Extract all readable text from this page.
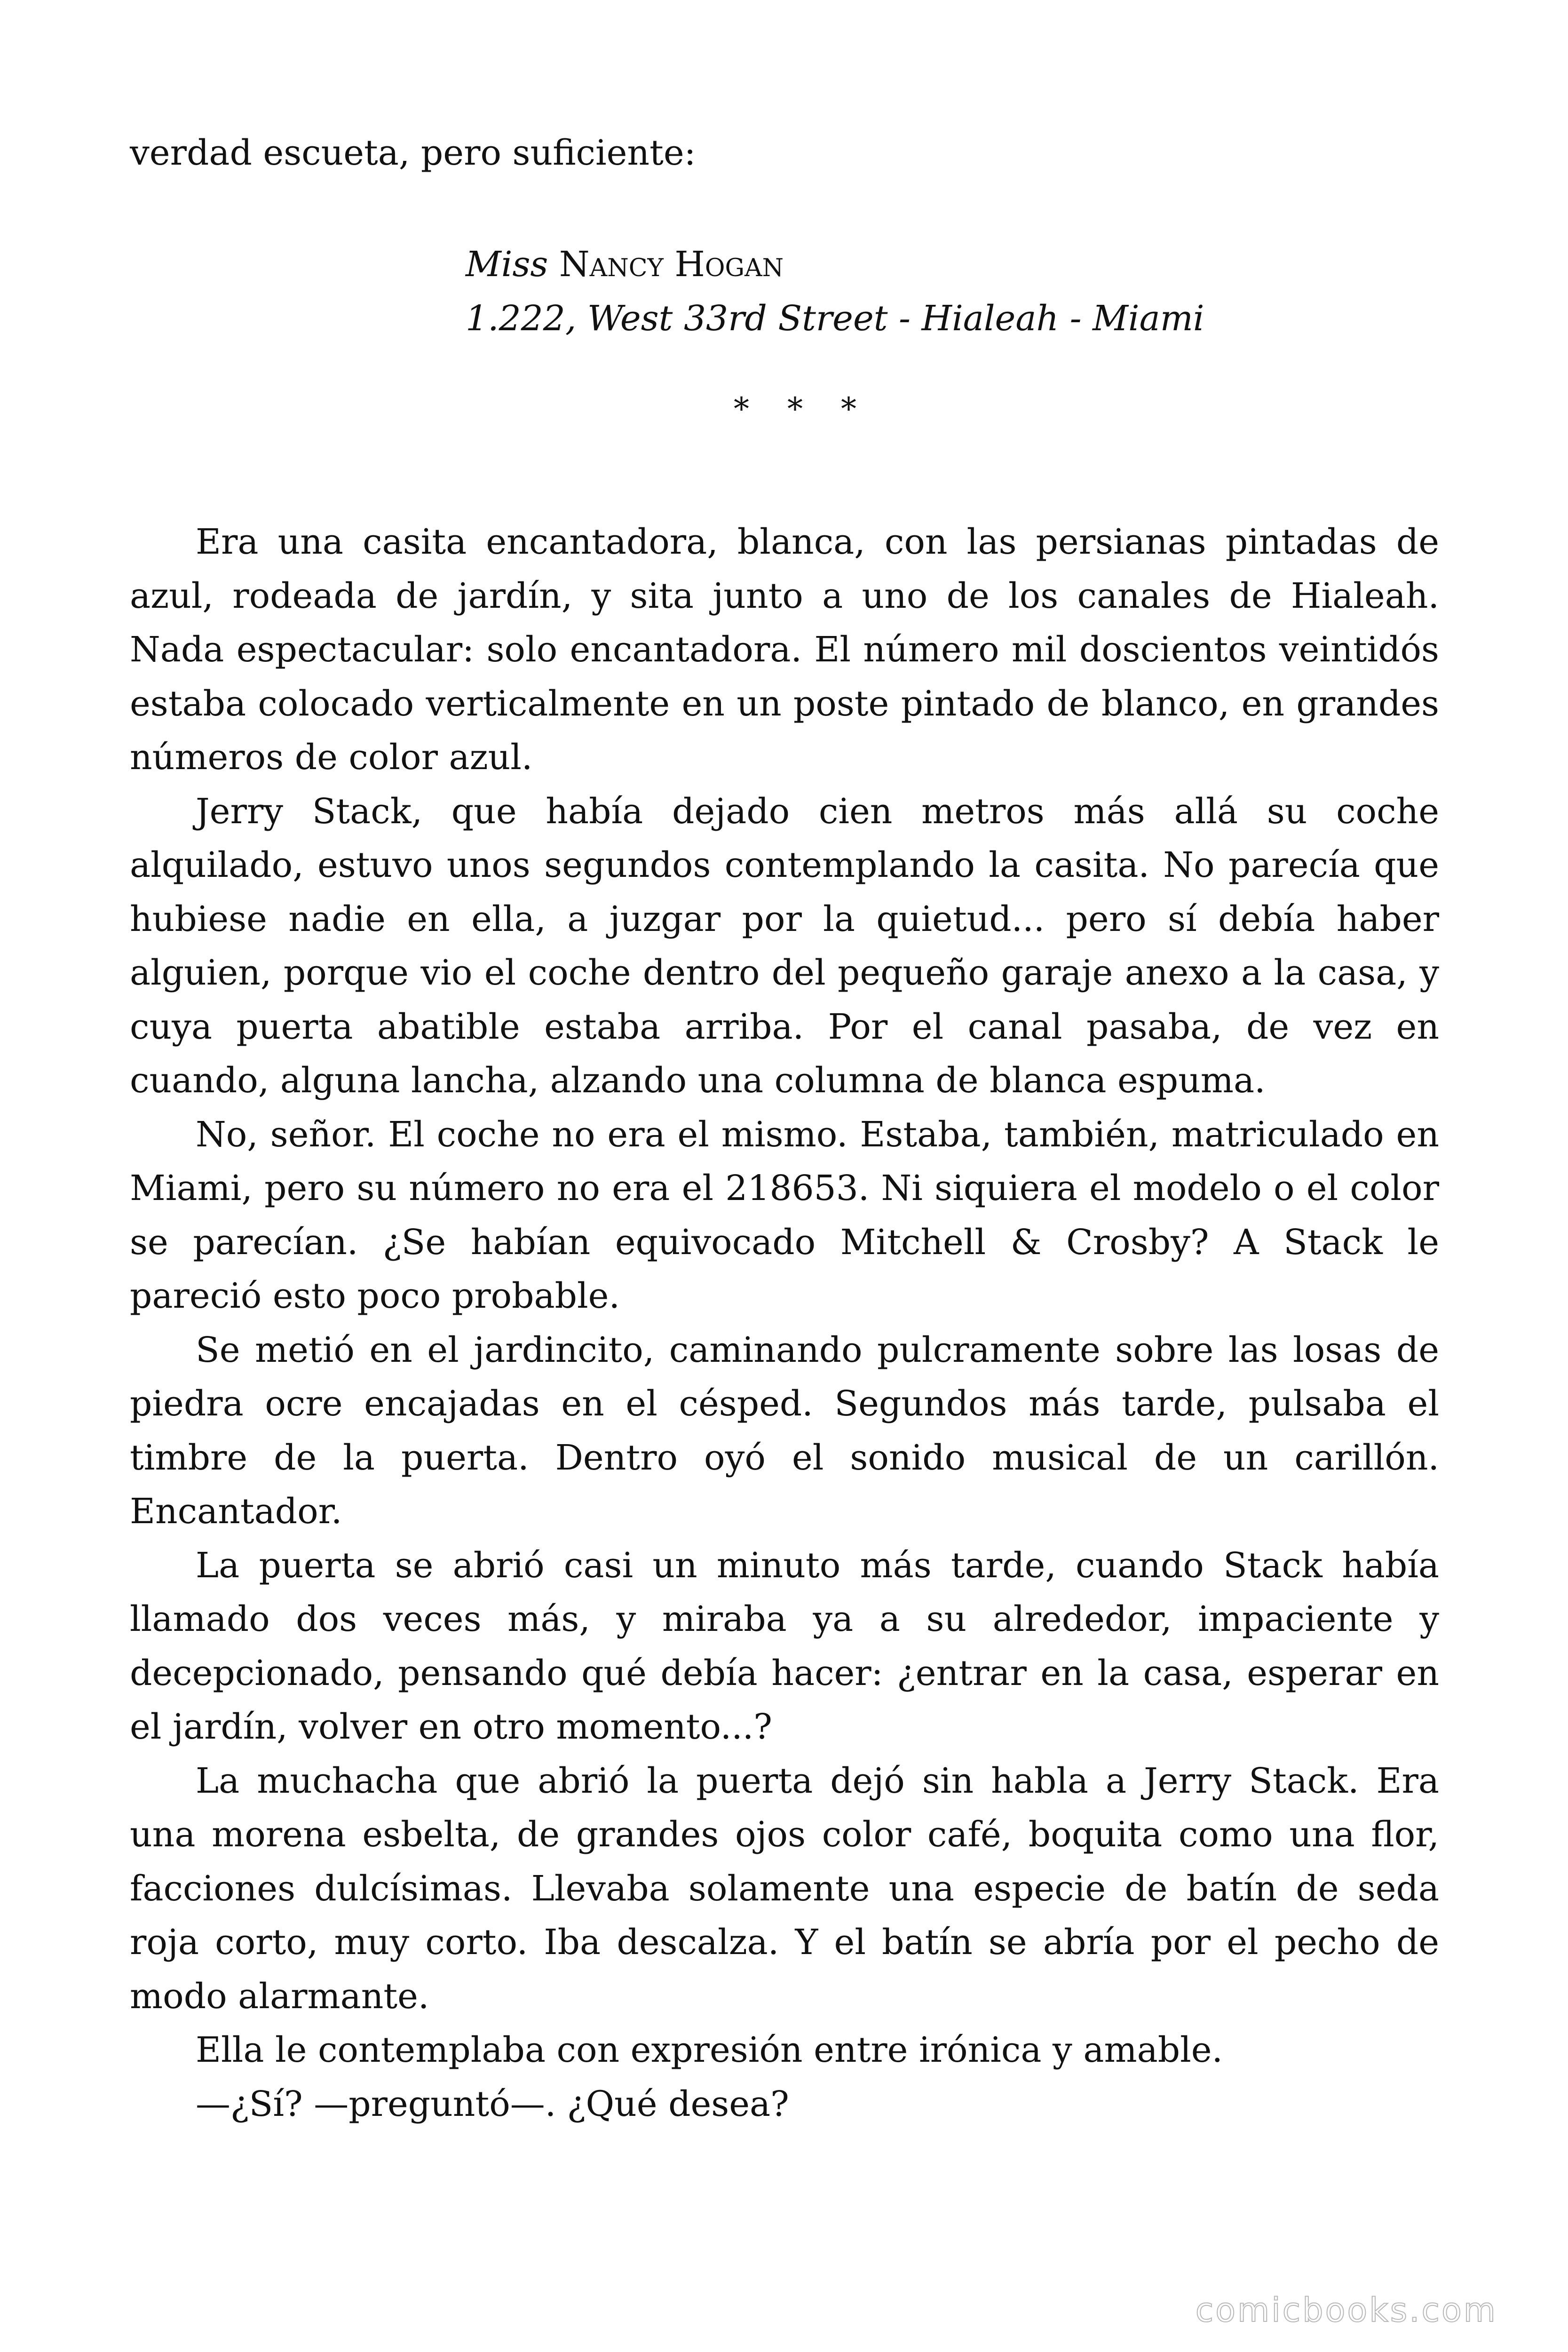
verdad escueta, pero suficiente:
Miss Nancy Hogan
1.222, West 33rd Street - Hialeah - Miami
* * *

Era una casita encantadora, blanca, con las persianas pintadas de azul, rodeada de jardín, y sita junto a uno de los canales de Hialeah. Nada espectacular: solo encantadora. El número mil doscientos veintidós estaba colocado verticalmente en un poste pintado de blanco, en grandes números de color azul.

Jerry Stack, que había dejado cien metros más allá su coche alquilado, estuvo unos segundos contemplando la casita. No parecía que hubiese nadie en ella, a juzgar por la quietud... pero sí debía haber alguien, porque vio el coche dentro del pequeño garaje anexo a la casa, y cuya puerta abatible estaba arriba. Por el canal pasaba, de vez en cuando, alguna lancha, alzando una columna de blanca espuma.

No, señor. El coche no era el mismo. Estaba, también, matriculado en Miami, pero su número no era el 218653. Ni siquiera el modelo o el color se parecían. ¿Se habían equivocado Mitchell & Crosby? A Stack le pareció esto poco probable.

Se metió en el jardincito, caminando pulcramente sobre las losas de piedra ocre encajadas en el césped. Segundos más tarde, pulsaba el timbre de la puerta. Dentro oyó el sonido musical de un carillón. Encantador.

La puerta se abrió casi un minuto más tarde, cuando Stack había llamado dos veces más, y miraba ya a su alrededor, impaciente y decepcionado, pensando qué debía hacer: ¿entrar en la casa, esperar en el jardín, volver en otro momento...?

La muchacha que abrió la puerta dejó sin habla a Jerry Stack. Era una morena esbelta, de grandes ojos color café, boquita como una flor, facciones dulcísimas. Llevaba solamente una especie de batín de seda roja corto, muy corto. Iba descalza. Y el batín se abría por el pecho de modo alarmante.

Ella le contemplaba con expresión entre irónica y amable.

—¿Sí? —preguntó—. ¿Qué desea?

comicbooks.com
